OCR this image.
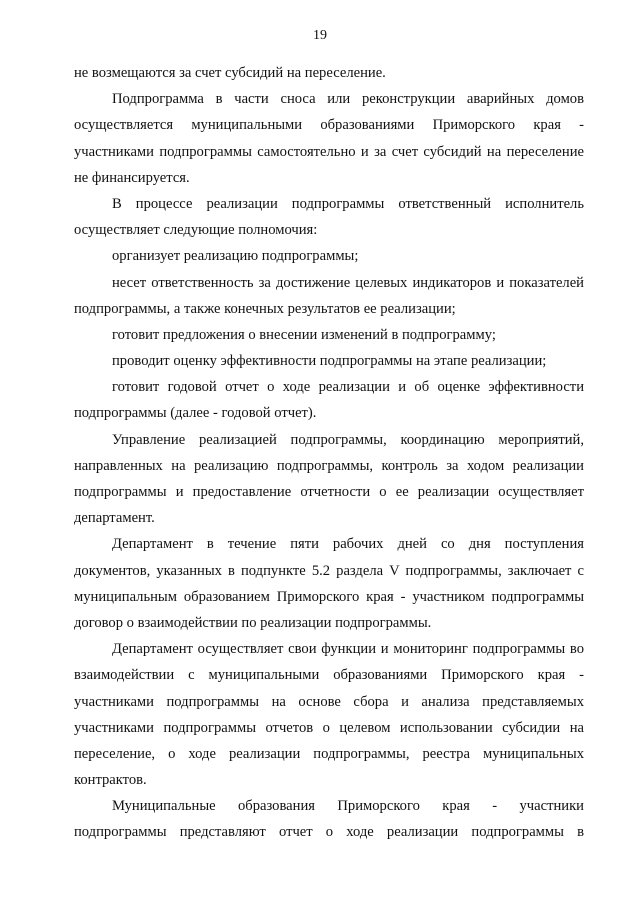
19
не возмещаются за счет субсидий на переселение.
Подпрограмма в части сноса или реконструкции аварийных домов
осуществляется муниципальными образованиями Приморского края -
участниками подпрограммы самостоятельно и за счет субсидий на переселение
не финансируется.
В процессе реализации подпрограммы ответственный исполнитель
осуществляет следующие полномочия:
организует реализацию подпрограммы;
несет ответственность за достижение целевых индикаторов и показателей
подпрограммы, а также конечных результатов ее реализации;
готовит предложения о внесении изменений в подпрограмму;
проводит оценку эффективности подпрограммы на этапе реализации;
готовит годовой отчет о ходе реализации и об оценке эффективности
подпрограммы (далее - годовой отчет).
Управление реализацией подпрограммы, координацию мероприятий,
направленных на реализацию подпрограммы, контроль за ходом реализации
подпрограммы и предоставление отчетности о ее реализации осуществляет
департамент.
Департамент в течение пяти рабочих дней со дня поступления
документов, указанных в подпункте 5.2 раздела V подпрограммы, заключает с
муниципальным образованием Приморского края - участником подпрограммы
договор о взаимодействии по реализации подпрограммы.
Департамент осуществляет свои функции и мониторинг подпрограммы во
взаимодействии с муниципальными образованиями Приморского края -
участниками подпрограммы на основе сбора и анализа представляемых
участниками подпрограммы отчетов о целевом использовании субсидии на
переселение, о ходе реализации подпрограммы, реестра муниципальных
контрактов.
Муниципальные образования Приморского края - участники
подпрограммы представляют отчет о ходе реализации подпрограммы в
